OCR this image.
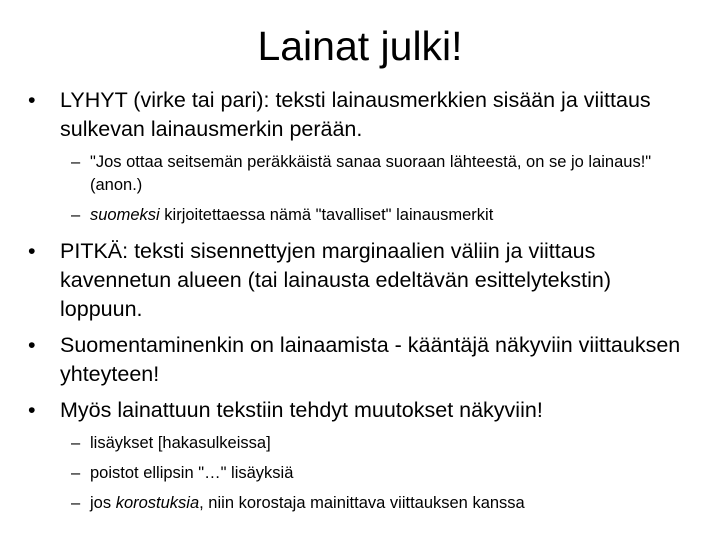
Lainat julki!
• LYHYT (virke tai pari): teksti lainausmerkkien sisään ja viittaus sulkevan lainausmerkin perään.
– "Jos ottaa seitsemän peräkkäistä sanaa suoraan lähteestä, on se jo lainaus!" (anon.)
– suomeksi kirjoitettaessa nämä "tavalliset" lainausmerkit
• PITKÄ: teksti sisennettyjen marginaalien väliin ja viittaus kavennetun alueen (tai lainausta edeltävän esittelytekstin) loppuun.
• Suomentaminenkin on lainaamista - kääntäjä näkyviin viittauksen yhteyteen!
• Myös lainattuun tekstiin tehdyt muutokset näkyviin!
– lisäykset [hakasulkeissa]
– poistot ellipsin "…" lisäyksiä
– jos korostuksia, niin korostaja mainittava viittauksen kanssa
